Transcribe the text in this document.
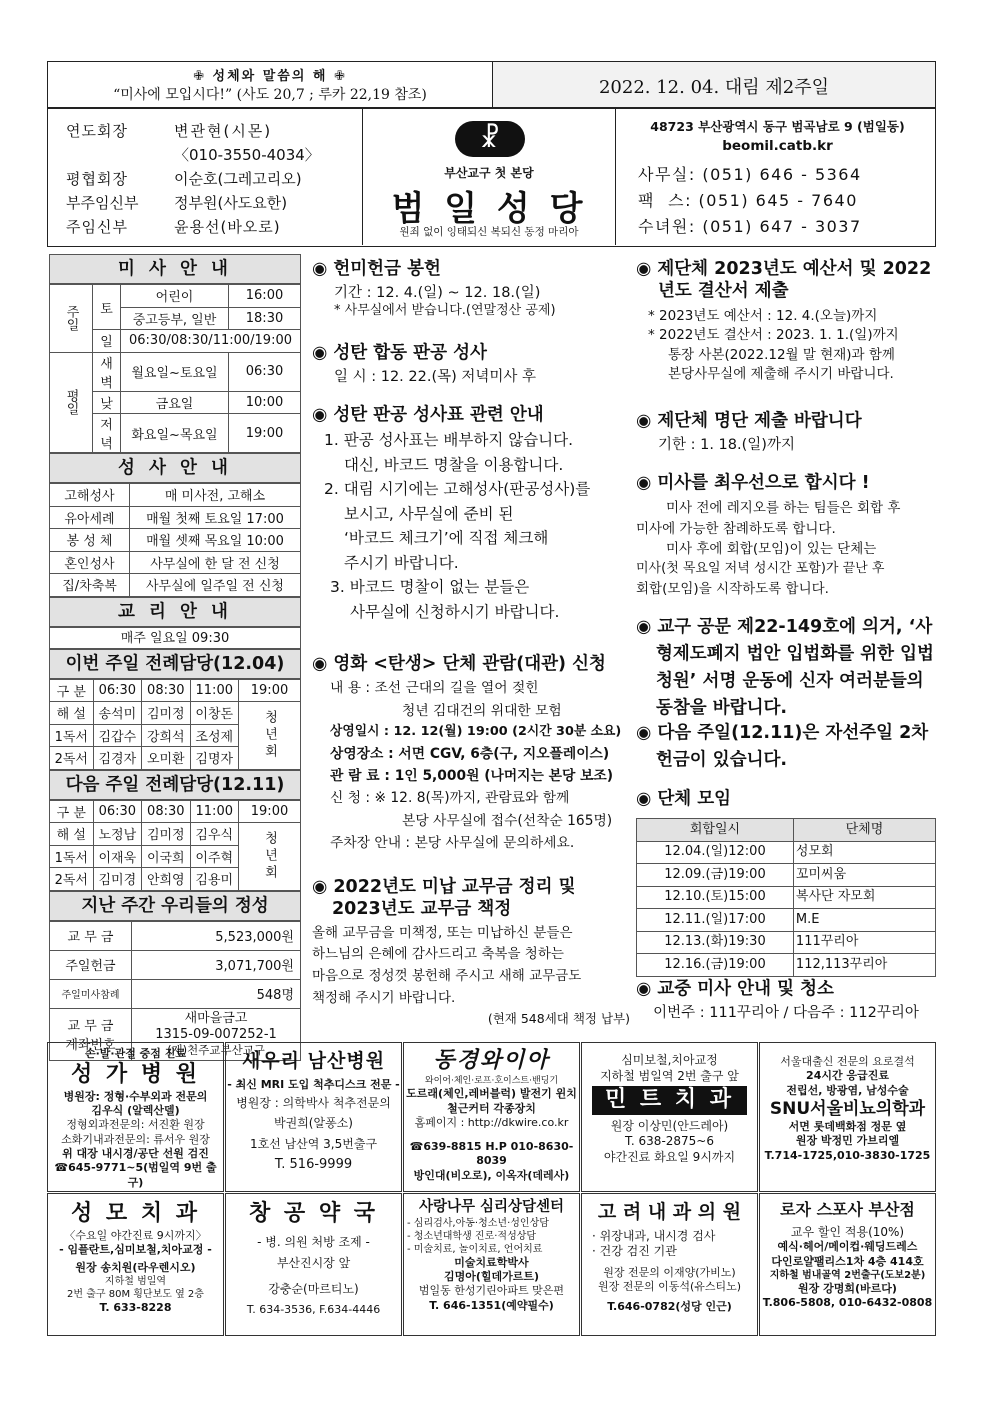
✙ 성체와 말씀의 해 ✙
“미사에 모입시다!” (사도 20,7 ; 루카 22,19 참조)	2022. 12. 04. 대림 제2주일
연도회장	변관현(시몬)
〈010-3550-4034〉
평협회장	이순호(그레고리오)
부주임신부 정부원(사도요한)
주임신부	윤용선(바오로)
☧
부산교구 첫 본당
범 일 성 당
원죄 없이 잉태되신 복되신 동정 마리아
48723 부산광역시 동구 범곡남로 9 (범일동)
beomil.catb.kr
사무실: (051) 646 - 5364
팩  스: (051) 645 - 7640
수녀원: (051) 647 - 3037
미 사 안 내
주일	토	어린이	16:00
		중고등부, 일반	18:30
	일	06:30/08:30/11:00/19:00	
평일	새벽	월요일~토요일	06:30
	낮	금요일	10:00
	저녁	화요일~목요일	19:00
성 사 안 내
고해성사	매 미사전, 고해소
유아세례	매월 첫째 토요일 17:00
봉 성 체	매월 셋째 목요일 10:00
혼인성사	사무실에 한 달 전 신청
집/차축복	사무실에 일주일 전 신청
교 리 안 내
매주 일요일 09:30
이번 주일 전례담당(12.04)
구 분	06:30	08:30	11:00	19:00
해 설	송석미	김미정	이창돈	청년회
1독서	김갑수	강희석	조성제	
2독서	김경자	오미환	김명자	
다음 주일 전례담당(12.11)
구 분	06:30	08:30	11:00	19:00
해 설	노정남	김미정	김우식	청년회
1독서	이재욱	이국희	이주혁	
2독서	김미경	안희영	김용미	
지난 주간 우리들의 정성
교 무 금	5,523,000원
주일헌금	3,071,700원
주일미사참례	548명
교 무 금 계좌번호	새마을금고
1315-09-007252-1
(재)천주교부산교구
◉ 헌미헌금 봉헌
기간 : 12. 4.(일) ~ 12. 18.(일)
* 사무실에서 받습니다.(연말정산 공제)
◉ 성탄 합동 판공 성사
일 시 : 12. 22.(목) 저녁미사 후
◉ 성탄 판공 성사표 관련 안내
1. 판공 성사표는 배부하지 않습니다.
대신, 바코드 명찰을 이용합니다.
2. 대림 시기에는 고해성사(판공성사)를
보시고, 사무실에 준비 된
‘바코드 체크기’에 직접 체크해
주시기 바랍니다.
3. 바코드 명찰이 없는 분들은
사무실에 신청하시기 바랍니다.
◉ 영화 <탄생> 단체 관람(대관) 신청
내 용 : 조선 근대의 길을 열어 젖힌
청년 김대건의 위대한 모험
상영일시 : 12. 12(월) 19:00 (2시간 30분 소요)
상영장소 : 서면 CGV, 6층(구, 지오플레이스)
관 람 료 : 1인 5,000원 (나머지는 본당 보조)
신 청 : ※ 12. 8(목)까지, 관람료와 함께
본당 사무실에 접수(선착순 165명)
주차장 안내 : 본당 사무실에 문의하세요.
◉ 2022년도 미납 교무금 정리 및 2023년도 교무금 책정
올해 교무금을 미책정, 또는 미납하신 분들은
하느님의 은혜에 감사드리고 축복을 청하는
마음으로 정성껏 봉헌해 주시고 새해 교무금도
책정해 주시기 바랍니다.
(현재 548세대 책정 납부)
◉ 제단체 2023년도 예산서 및 2022년도 결산서 제출
* 2023년도 예산서 : 12. 4.(오늘)까지
* 2022년도 결산서 : 2023. 1. 1.(일)까지
통장 사본(2022.12월 말 현재)과 함께
본당사무실에 제출해 주시기 바랍니다.
◉ 제단체 명단 제출 바랍니다
기한 : 1. 18.(일)까지
◉ 미사를 최우선으로 합시다 !
미사 전에 레지오를 하는 팀들은 회합 후
미사에 가능한 참례하도록 합니다.
미사 후에 회합(모임)이 있는 단체는
미사(첫 목요일 저녁 성시간 포함)가 끝난 후
회합(모임)을 시작하도록 합니다.
◉ 교구 공문 제22-149호에 의거, ‘사형제도폐지 법안 입법화를 위한 입법청원’ 서명 운동에 신자 여러분들의 동참을 바랍니다.
◉ 다음 주일(12.11)은 자선주일 2차 헌금이 있습니다.
◉ 단체 모임
회합일시	단체명
12.04.(일)12:00	성모회
12.09.(금)19:00	꼬미씨움
12.10.(토)15:00	복사단 자모회
12.11.(일)17:00	M.E
12.13.(화)19:30	111꾸리아
12.16.(금)19:00	112,113꾸리아
◉ 교중 미사 안내 및 청소
이번주 : 111꾸리아 / 다음주 : 112꾸리아
손·발·관절 중점 진료
성 가 병 원
병원장: 정형·수부외과 전문의
김우식 (알렉산델)
정형외과전문의: 서진환 원장
소화기내과전문의: 류서우 원장
위 대장 내시경/공단 선원 검진
☎645-9771~5(범일역 9번 출구)
새우리 남산병원
- 최신 MRI 도입 척추디스크 전문 -
병원장 : 의학박사 척추전문의
박권희(알퐁소)
1호선 남산역 3,5번출구
T. 516-9999
동경와이아
와이어·체인·로프·호이스트·밴딩기
도르래(체인,레버블럭) 발전기 윈치
철근커터 각종장치
홈페이지 : http://dkwire.co.kr
☎639-8815 H.P 010-8630-8039
방인대(비오로), 이옥자(데레사)
심미보철,치아교정
지하철 범일역 2번 출구 앞
민 트 치 과
원장 이상민(안드레아)
T. 638-2875~6
야간진료 화요일 9시까지
서울대출신 전문의 요로결석
24시간 응급진료
전립선, 방광염, 남성수술
SNU서울비뇨의학과
서면 롯데백화점 정문 옆
원장 박정민 가브리엘
T.714-1725,010-3830-1725
성 모 치 과
〈수요일 야간진료 9시까지〉
- 임플란트,심미보철,치아교정 -
원장 송치원(라우렌시오)
지하철 범일역
2번 출구 80M 횡단보도 옆 2층
T. 633-8228
창 공 약 국
- 병. 의원 처방 조제 -
부산진시장 앞
강충순(마르티노)
T. 634-3536, F.634-4446
사랑나무 심리상담센터
- 심리검사,아동·청소년·성인상담
- 청소년대학생 진로·적성상담
- 미술치료, 놀이치료, 언어치료
미술치료학박사
김명아(힐데가르트)
범일동 한성기린아파트 맞은편
T. 646-1351(예약필수)
고 려 내 과 의 원
· 위장내과, 내시경 검사
· 건강 검진 기관
원장 전문의 이재양(가비노)
원장 전문의 이동석(유스티노)
T.646-0782(성당 인근)
로자 스포사 부산점
교우 할인 적용(10%)
예식·헤어/메이컵·웨딩드레스
다인로얄팰리스1차 4층 414호
지하철 범내골역 2번출구(도보2분)
원장 강명희(바르다)
T.806-5808, 010-6432-0808
